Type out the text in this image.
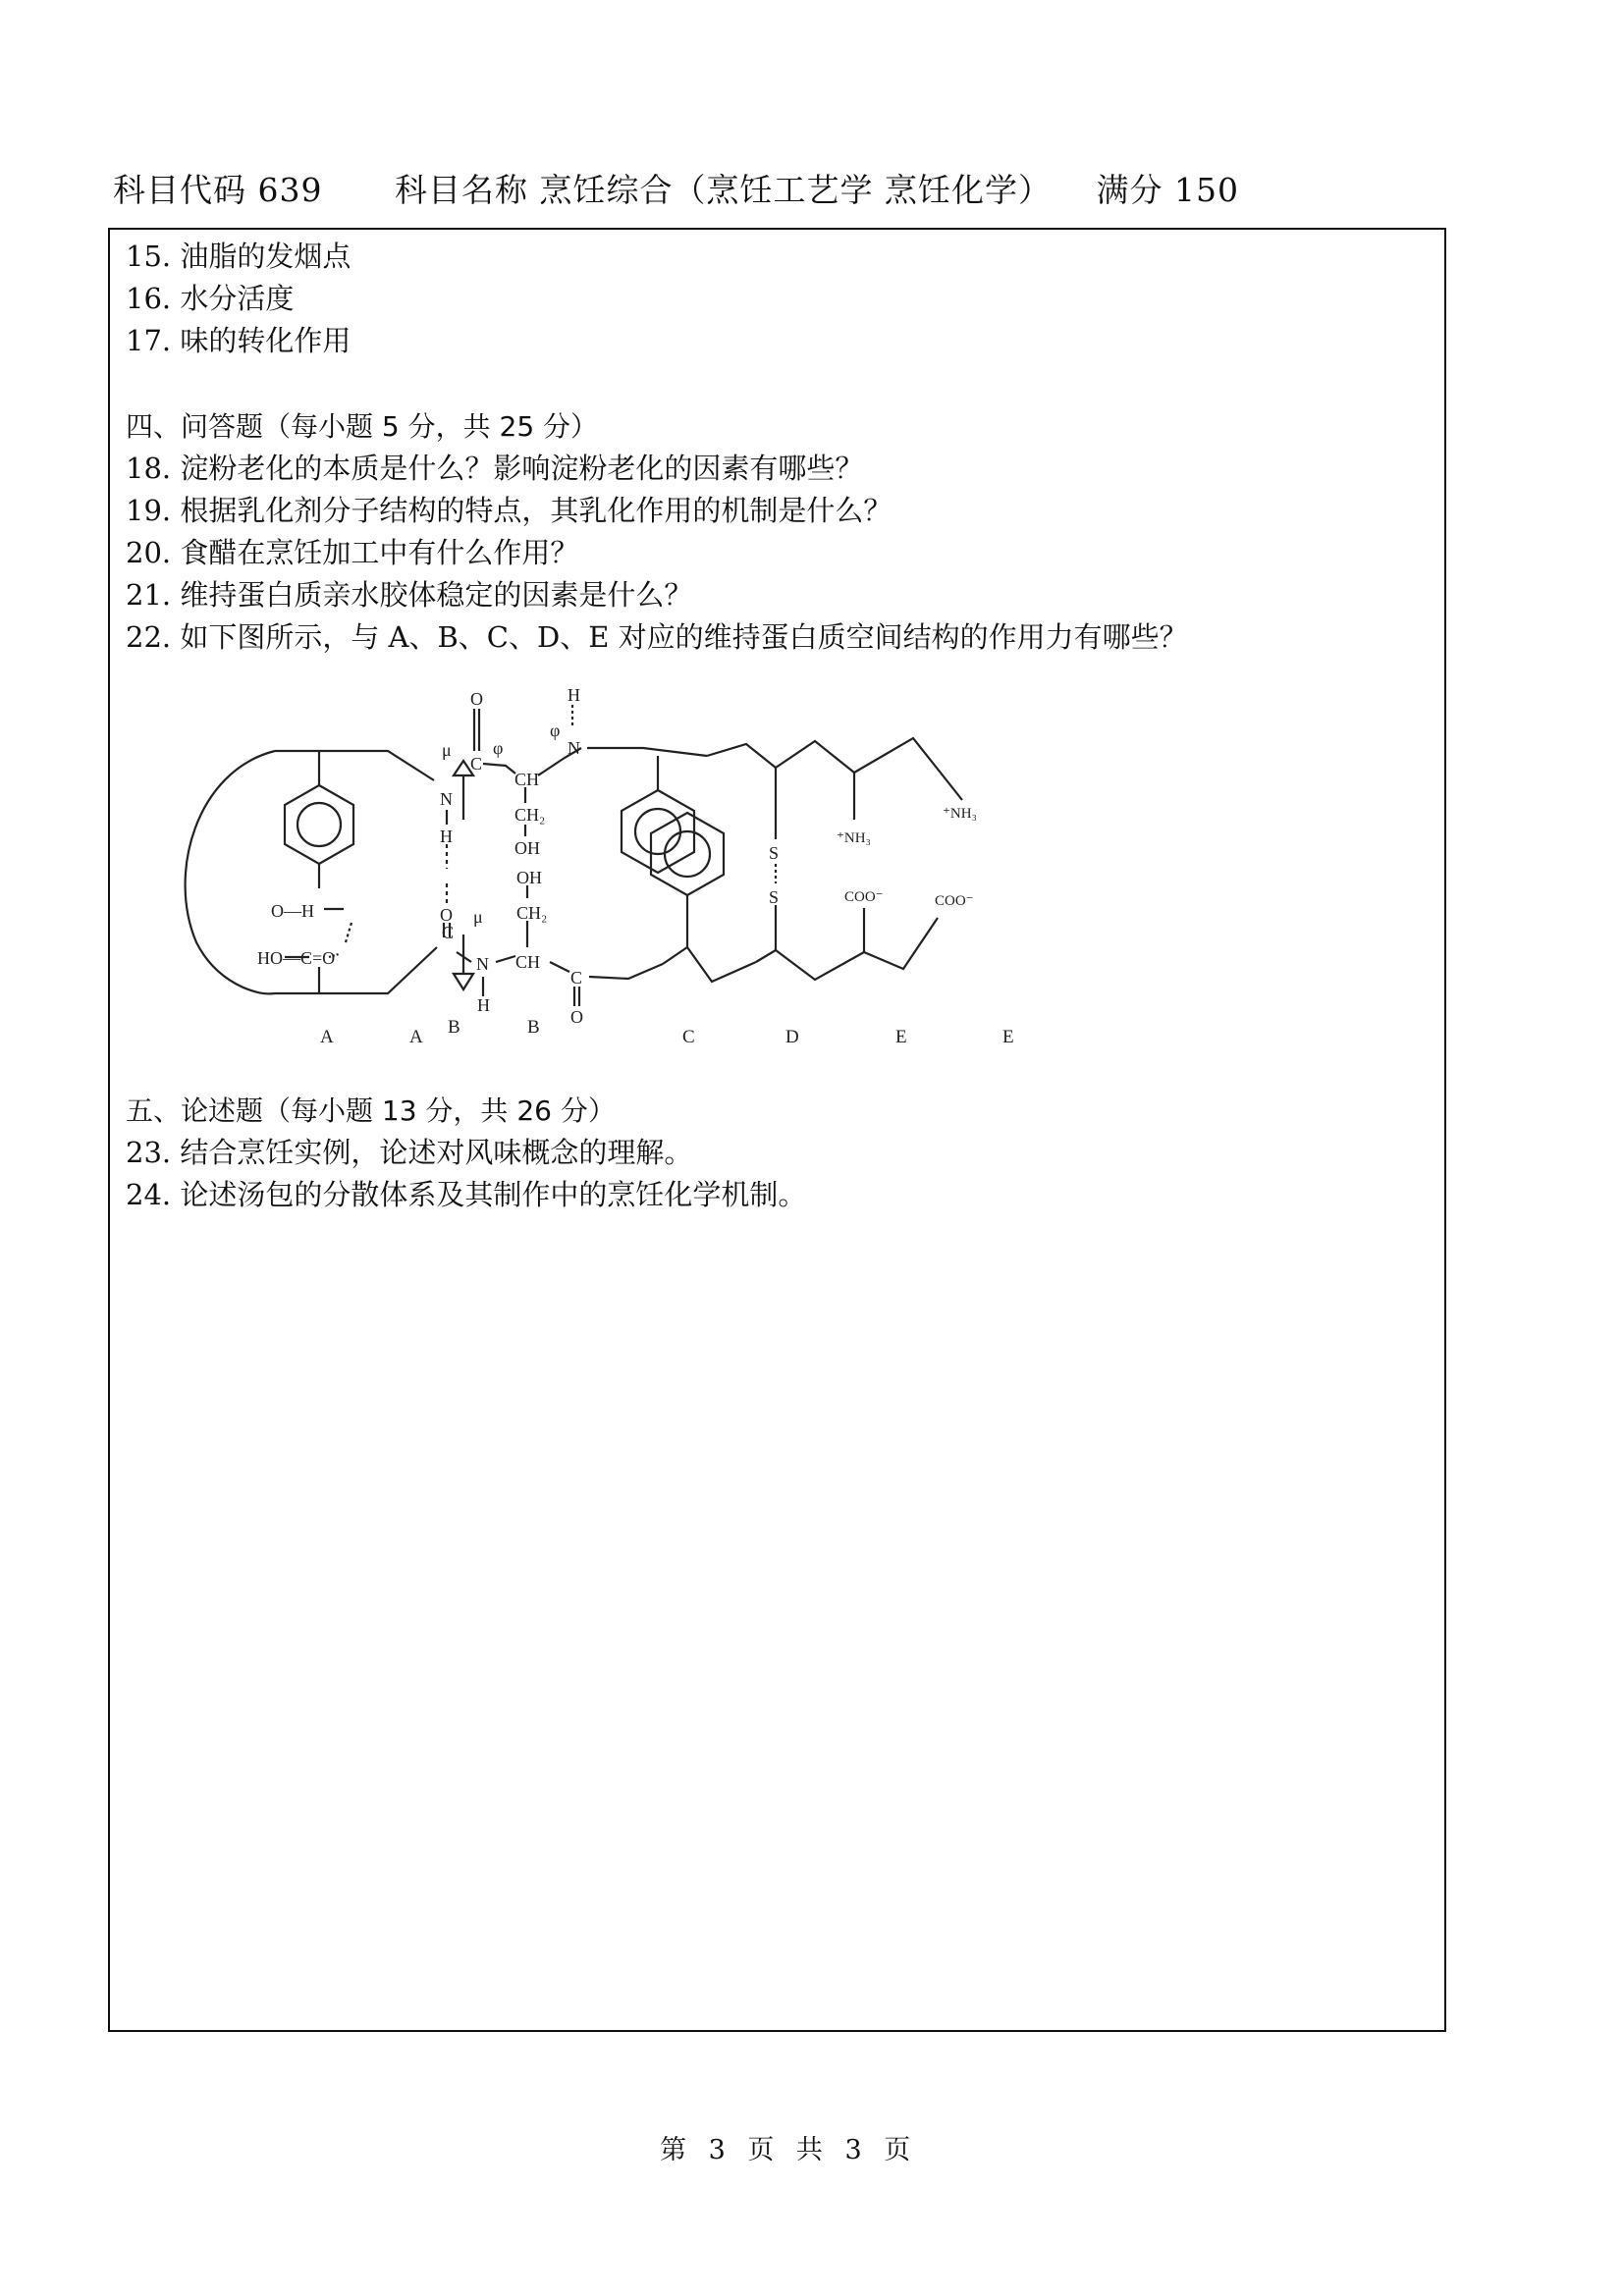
科目代码 639 科目名称 烹饪综合（烹饪工艺学 烹饪化学） 满分 150
15. 油脂的发烟点
16. 水分活度
17. 味的转化作用
四、问答题（每小题 5 分，共 25 分）
18. 淀粉老化的本质是什么？影响淀粉老化的因素有哪些？
19. 根据乳化剂分子结构的特点，其乳化作用的机制是什么？
20. 食醋在烹饪加工中有什么作用？
21. 维持蛋白质亲水胶体稳定的因素是什么？
22. 如下图所示，与 A、B、C、D、E 对应的维持蛋白质空间结构的作用力有哪些？
O—H
HO—C=O
N
H
O
μ
μ
O
C
φ
CH
CH₂
OH
φ
H
N
OH
CH₂
C
N
H
CH
C
O
S
S
⁺NH₃
⁺NH₃
COO⁻	COO⁻
A	A B	B	C	D	E	E
五、论述题（每小题 13 分，共 26 分）
23. 结合烹饪实例，论述对风味概念的理解。
24. 论述汤包的分散体系及其制作中的烹饪化学机制。
第 3 页 共 3 页
